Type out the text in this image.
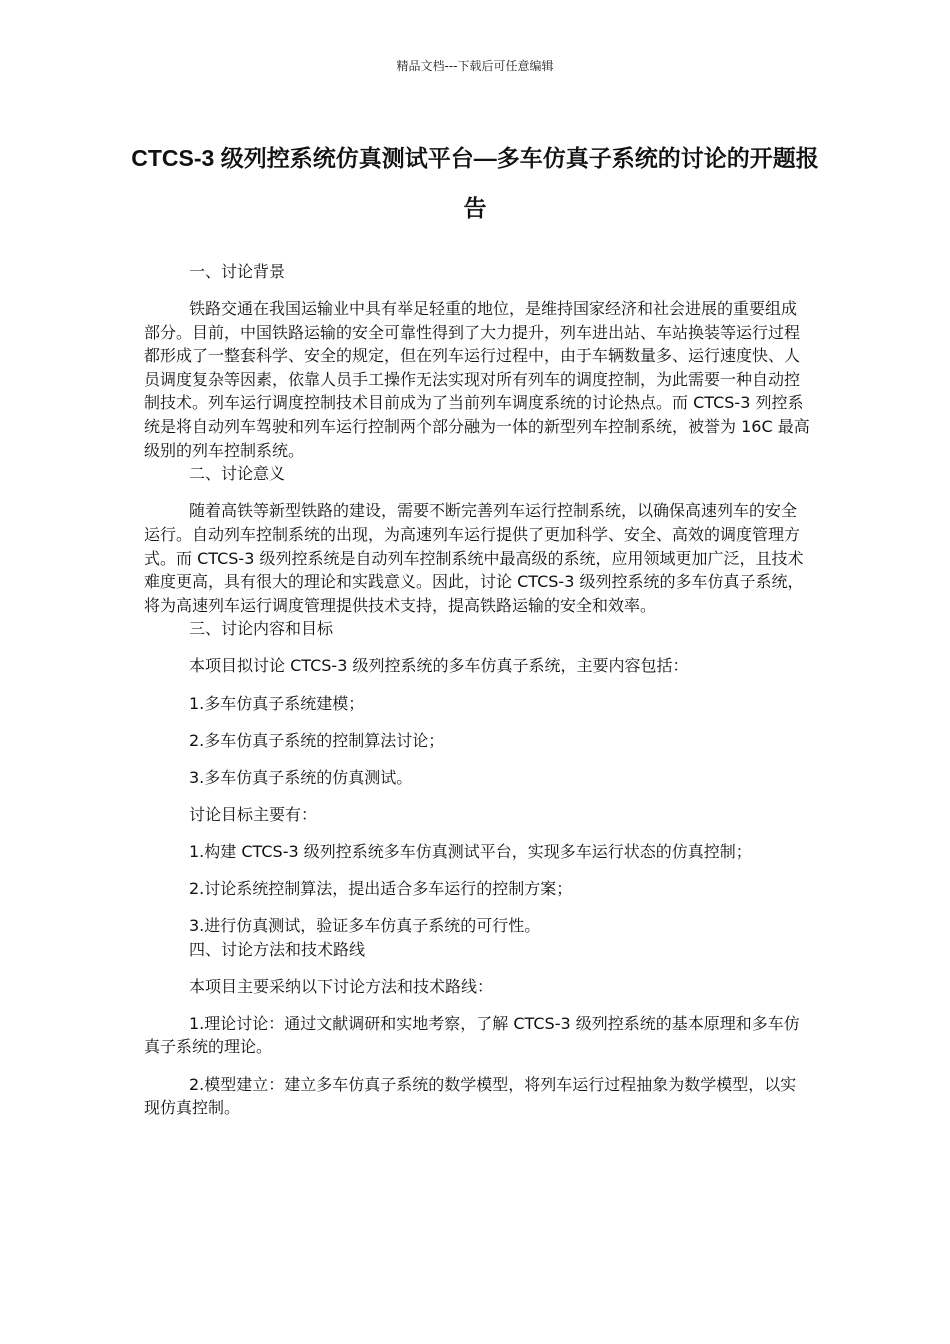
精品文档---下载后可任意编辑
CTCS-3 级列控系统仿真测试平台—多车仿真子系统的讨论的开题报告

一、讨论背景

铁路交通在我国运输业中具有举足轻重的地位，是维持国家经济和社会进展的重要组成部分。目前，中国铁路运输的安全可靠性得到了大力提升，列车进出站、车站换装等运行过程都形成了一整套科学、安全的规定，但在列车运行过程中，由于车辆数量多、运行速度快、人员调度复杂等因素，依靠人员手工操作无法实现对所有列车的调度控制，为此需要一种自动控制技术。列车运行调度控制技术目前成为了当前列车调度系统的讨论热点。而 CTCS-3 列控系统是将自动列车驾驶和列车运行控制两个部分融为一体的新型列车控制系统，被誉为 16C 最高级别的列车控制系统。

二、讨论意义

随着高铁等新型铁路的建设，需要不断完善列车运行控制系统，以确保高速列车的安全运行。自动列车控制系统的出现，为高速列车运行提供了更加科学、安全、高效的调度管理方式。而 CTCS-3 级列控系统是自动列车控制系统中最高级的系统，应用领域更加广泛，且技术难度更高，具有很大的理论和实践意义。因此，讨论 CTCS-3 级列控系统的多车仿真子系统，将为高速列车运行调度管理提供技术支持，提高铁路运输的安全和效率。

三、讨论内容和目标

本项目拟讨论 CTCS-3 级列控系统的多车仿真子系统，主要内容包括：

1.多车仿真子系统建模；

2.多车仿真子系统的控制算法讨论；

3.多车仿真子系统的仿真测试。

讨论目标主要有：

1.构建 CTCS-3 级列控系统多车仿真测试平台，实现多车运行状态的仿真控制；

2.讨论系统控制算法，提出适合多车运行的控制方案；

3.进行仿真测试，验证多车仿真子系统的可行性。

四、讨论方法和技术路线

本项目主要采纳以下讨论方法和技术路线：

1.理论讨论：通过文献调研和实地考察，了解 CTCS-3 级列控系统的基本原理和多车仿真子系统的理论。

2.模型建立：建立多车仿真子系统的数学模型，将列车运行过程抽象为数学模型，以实现仿真控制。
